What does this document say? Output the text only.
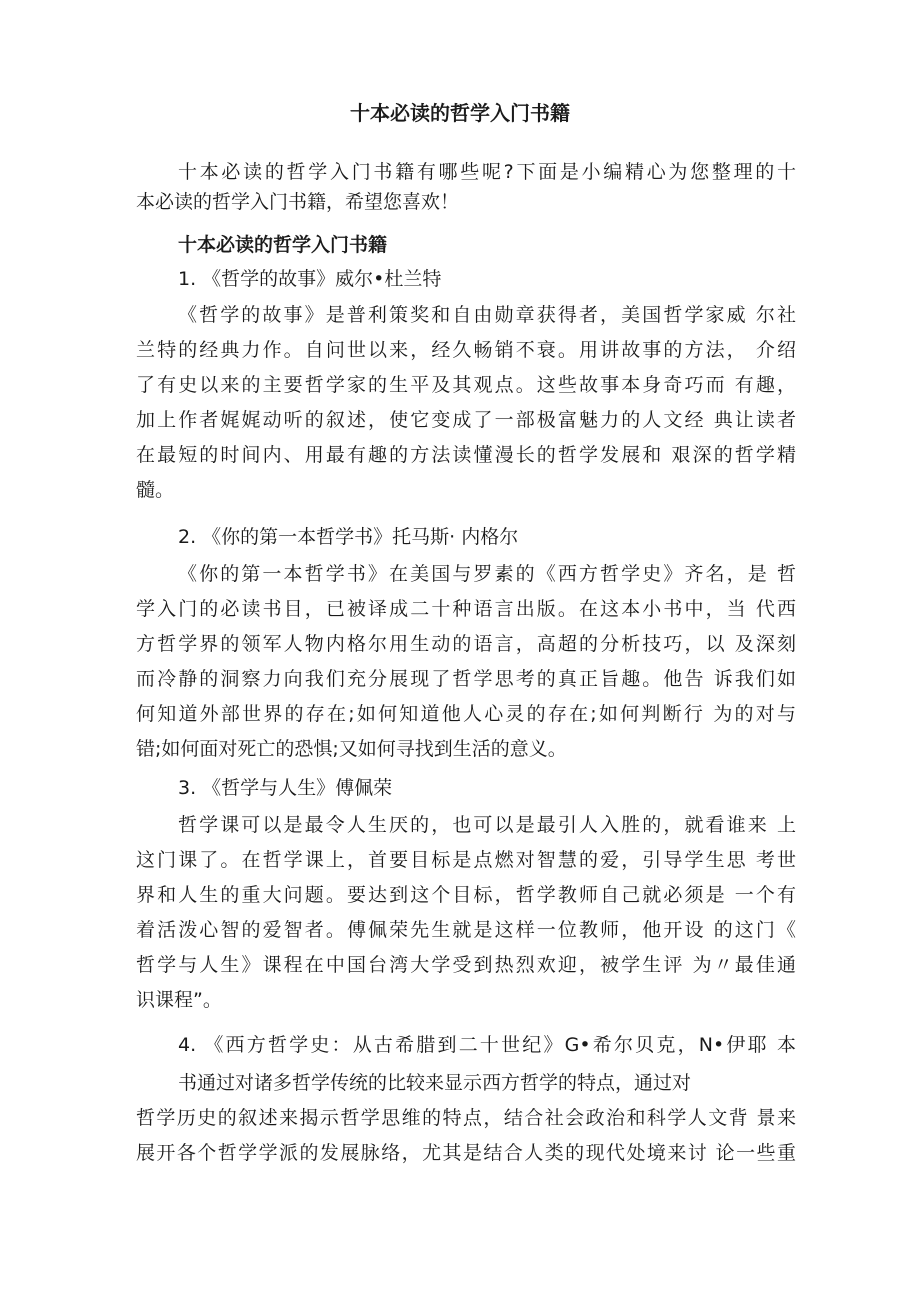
十本必读的哲学入门书籍
十本必读的哲学入门书籍有哪些呢?下面是小编精心为您整理的十
本必读的哲学入门书籍，希望您喜欢！
十本必读的哲学入门书籍
1. 《哲学的故事》威尔•杜兰特
《哲学的故事》是普利策奖和自由勋章获得者，美国哲学家威 尔社
兰特的经典力作。自问世以来，经久畅销不衰。用讲故事的方法， 介绍
了有史以来的主要哲学家的生平及其观点。这些故事本身奇巧而 有趣，
加上作者娓娓动听的叙述，使它变成了一部极富魅力的人文经 典让读者
在最短的时间内、用最有趣的方法读懂漫长的哲学发展和 艰深的哲学精
髓。
2. 《你的第一本哲学书》托马斯· 内格尔
《你的第一本哲学书》在美国与罗素的《西方哲学史》齐名，是 哲
学入门的必读书目，已被译成二十种语言出版。在这本小书中，当 代西
方哲学界的领军人物内格尔用生动的语言，高超的分析技巧，以 及深刻
而冷静的洞察力向我们充分展现了哲学思考的真正旨趣。他告 诉我们如
何知道外部世界的存在;如何知道他人心灵的存在;如何判断行 为的对与
错;如何面对死亡的恐惧;又如何寻找到生活的意义。
3. 《哲学与人生》傅佩荣
哲学课可以是最令人生厌的，也可以是最引人入胜的，就看谁来 上
这门课了。在哲学课上，首要目标是点燃对智慧的爱，引导学生思 考世
界和人生的重大问题。要达到这个目标，哲学教师自己就必须是 一个有
着活泼心智的爱智者。傅佩荣先生就是这样一位教师，他开设 的这门《
哲学与人生》课程在中国台湾大学受到热烈欢迎，被学生评 为〃最佳通
识课程”。
4. 《西方哲学史：从古希腊到二十世纪》G•希尔贝克，N•伊耶 本
书通过对诸多哲学传统的比较来显示西方哲学的特点，通过对
哲学历史的叙述来揭示哲学思维的特点，结合社会政治和科学人文背 景来
展开各个哲学学派的发展脉络，尤其是结合人类的现代处境来讨 论一些重
